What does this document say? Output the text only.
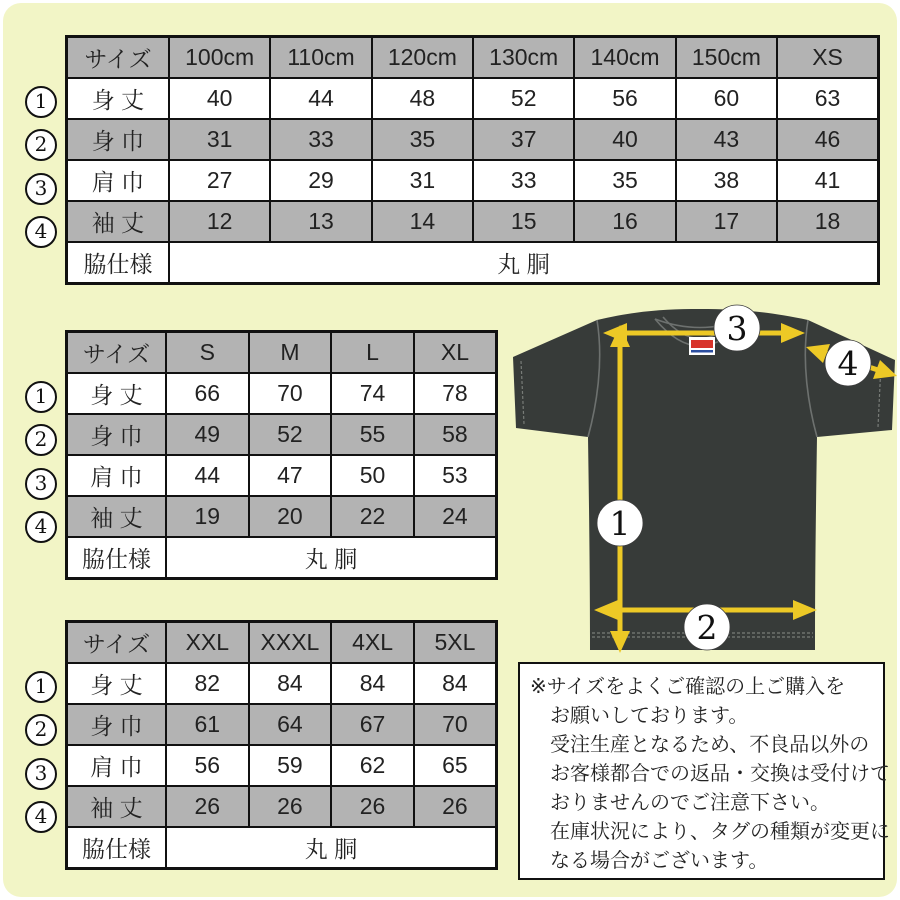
サイズ	100cm	110cm	120cm	130cm	140cm	150cm	XS
身 丈	40	44	48	52	56	60	63
身 巾	31	33	35	37	40	43	46
肩 巾	27	29	31	33	35	38	41
袖 丈	12	13	14	15	16	17	18
脇仕様	丸 胴						
サイズ	S	M	L	XL
身 丈	66	70	74	78
身 巾	49	52	55	58
肩 巾	44	47	50	53
袖 丈	19	20	22	24
脇仕様	丸 胴			
サイズ	XXL	XXXL	4XL	5XL
身 丈	82	84	84	84
身 巾	61	64	67	70
肩 巾	56	59	62	65
袖 丈	26	26	26	26
脇仕様	丸 胴			
1
2
3
4
1
2
3
4
1
2
3
4
1
2
3
4
※サイズをよくご確認の上ご購入を
お願いしております。
受注生産となるため、不良品以外の
お客様都合での返品・交換は受付けて
おりませんのでご注意下さい。
在庫状況により、タグの種類が変更に
なる場合がございます。
